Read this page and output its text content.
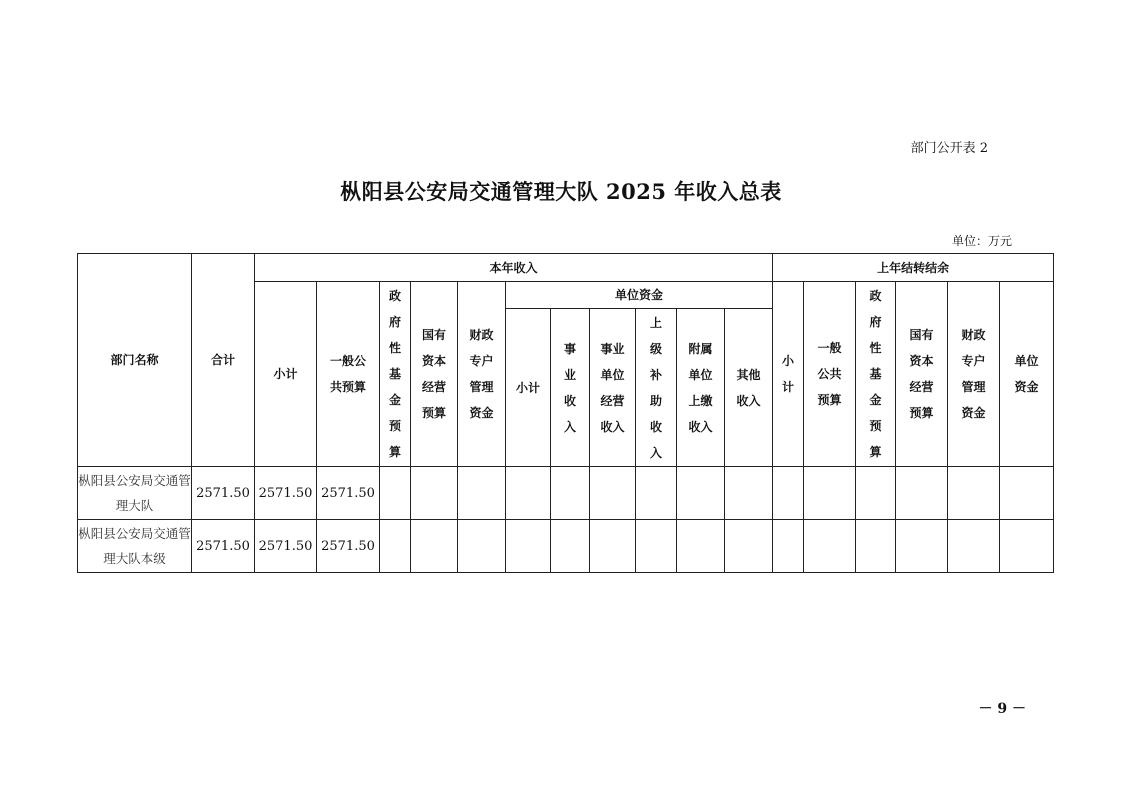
部门公开表 2
枞阳县公安局交通管理大队 2025 年收入总表
单位：万元
部门名称	合计	本年收入											上年结转结余					
		小计	一般公共预算	政府性基金预算	国有资本经营预算	财政专户管理资金	单位资金						小计	一般公共预算	政府性基金预算	国有资本经营预算	财政专户管理资金	单位资金
							小计	事业收入	事业单位经营收入	上级补助收入	附属单位上缴收入	其他收入						
枞阳县公安局交通管理大队	2571.50	2571.50	2571.50															
枞阳县公安局交通管理大队本级	2571.50	2571.50	2571.50															
－ 9 －
